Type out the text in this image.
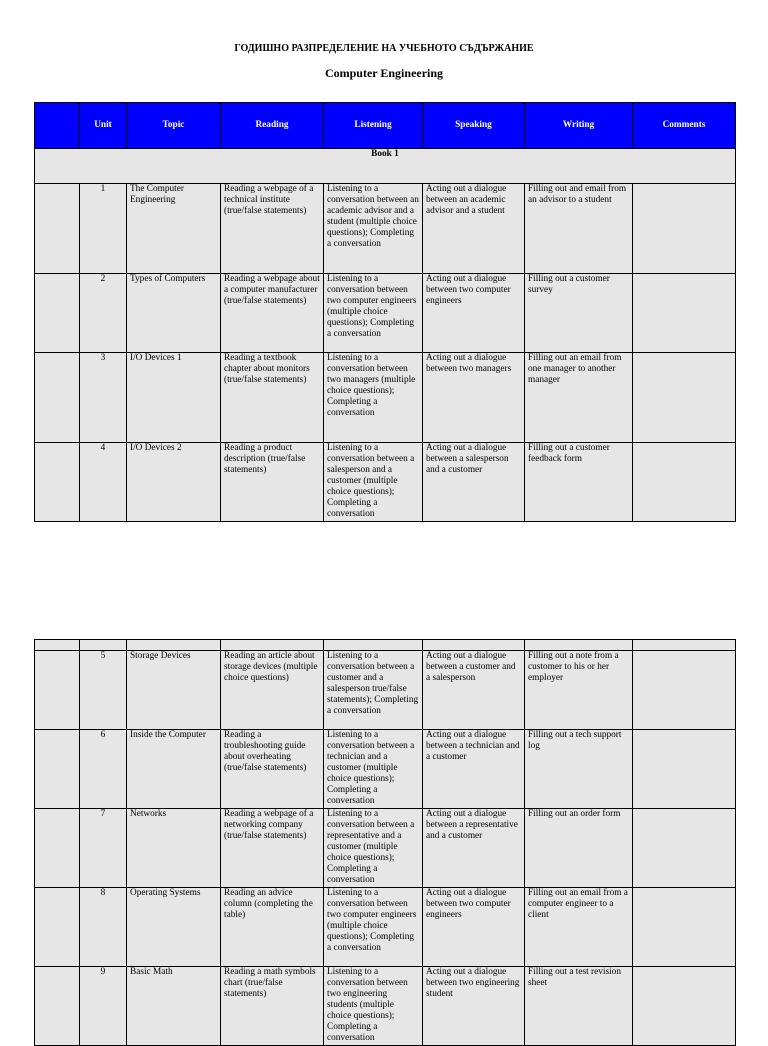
ГОДИШНО РАЗПРЕДЕЛЕНИЕ НА УЧЕБНОТО СЪДЪРЖАНИЕ
Computer Engineering
	Unit	Topic	Reading	Listening	Speaking	Writing	Comments
Book 1							
	1	The Computer Engineering	Reading a webpage of a technical institute (true/false statements)	Listening to a conversation between an academic advisor and a student (multiple choice questions); Completing a conversation	Acting out a dialogue between an academic advisor and a student	Filling out and email from an advisor to a student	
	2	Types of Computers	Reading a webpage about a computer manufacturer (true/false statements)	Listening to a conversation between two computer engineers (multiple choice questions); Completing a conversation	Acting out a dialogue between two computer engineers	Filling out a customer survey	
	3	I/O Devices 1	Reading a textbook chapter about monitors (true/false statements)	Listening to a conversation between two managers (multiple choice questions); Completing a conversation	Acting out a dialogue between two managers	Filling out an email from one manager to another manager	
	4	I/O Devices 2	Reading a product description (true/false statements)	Listening to a conversation between a salesperson and a customer (multiple choice questions); Completing a conversation	Acting out a dialogue between a salesperson and a customer	Filling out a customer feedback form	

	5	Storage Devices	Reading an article about storage devices (multiple choice questions)	Listening to a conversation between a customer and a salesperson true/false statements); Completing a conversation	Acting out a dialogue between a customer and a salesperson	Filling out a note from a customer to his or her employer	
	6	Inside the Computer	Reading a troubleshooting guide about overheating (true/false statements)	Listening to a conversation between a technician and a customer (multiple choice questions); Completing a conversation	Acting out a dialogue between a technician and a customer	Filling out a tech support log	
	7	Networks	Reading a webpage of a networking company (true/false statements)	Listening to a conversation between a representative and a customer (multiple choice questions); Completing a conversation	Acting out a dialogue between a representative and a customer	Filling out an order form	
	8	Operating Systems	Reading an advice column (completing the table)	Listening to a conversation between two computer engineers (multiple choice questions); Completing a conversation	Acting out a dialogue between two computer engineers	Filling out an email from a computer engineer to a client	
	9	Basic Math	Reading a math symbols chart (true/false statements)	Listening to a conversation between two engineering students (multiple choice questions); Completing a conversation	Acting out a dialogue between two engineering student	Filling out a test revision sheet	
